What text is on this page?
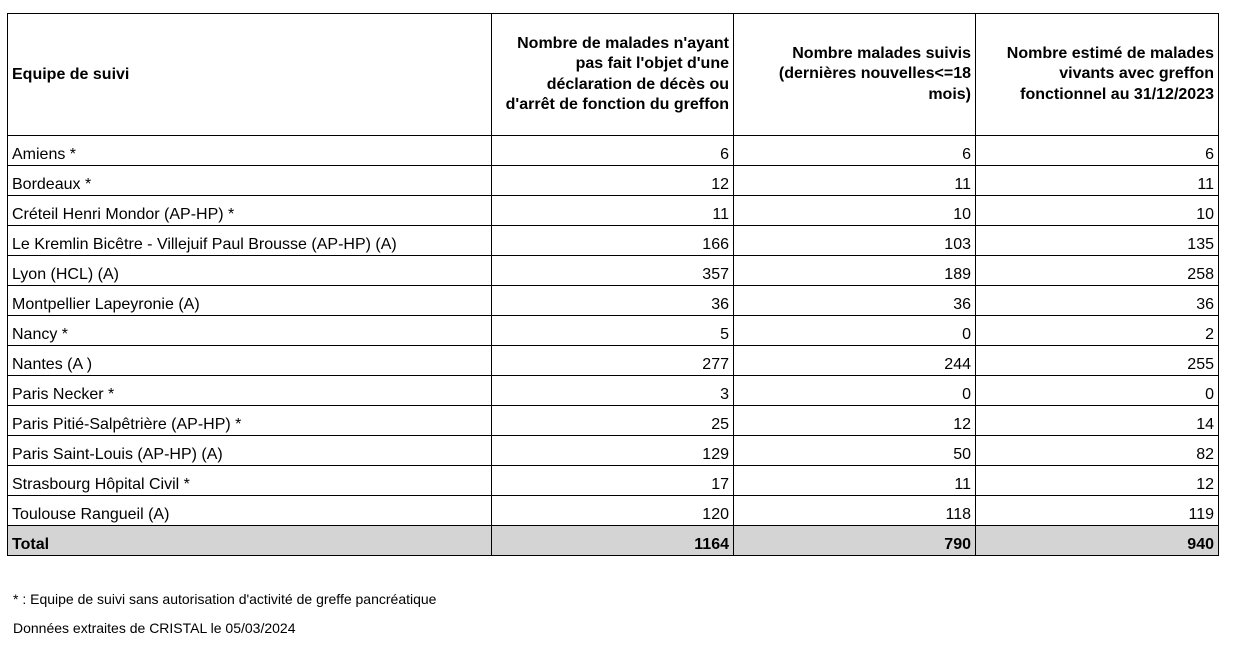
Equipe de suivi	Nombre de malades n'ayant pas fait l'objet d'une déclaration de décès ou d'arrêt de fonction du greffon	Nombre malades suivis (dernières nouvelles<=18 mois)	Nombre estimé de malades vivants avec greffon fonctionnel au 31/12/2023
Amiens *	6	6	6
Bordeaux *	12	11	11
Créteil Henri Mondor (AP-HP) *	11	10	10
Le Kremlin Bicêtre - Villejuif Paul Brousse (AP-HP) (A)	166	103	135
Lyon (HCL) (A)	357	189	258
Montpellier Lapeyronie (A)	36	36	36
Nancy *	5	0	2
Nantes (A )	277	244	255
Paris Necker *	3	0	0
Paris Pitié-Salpêtrière (AP-HP) *	25	12	14
Paris Saint-Louis (AP-HP) (A)	129	50	82
Strasbourg Hôpital Civil *	17	11	12
Toulouse Rangueil (A)	120	118	119
Total	1164	790	940
* : Equipe de suivi sans autorisation d'activité de greffe pancréatique
Données extraites de CRISTAL le 05/03/2024
